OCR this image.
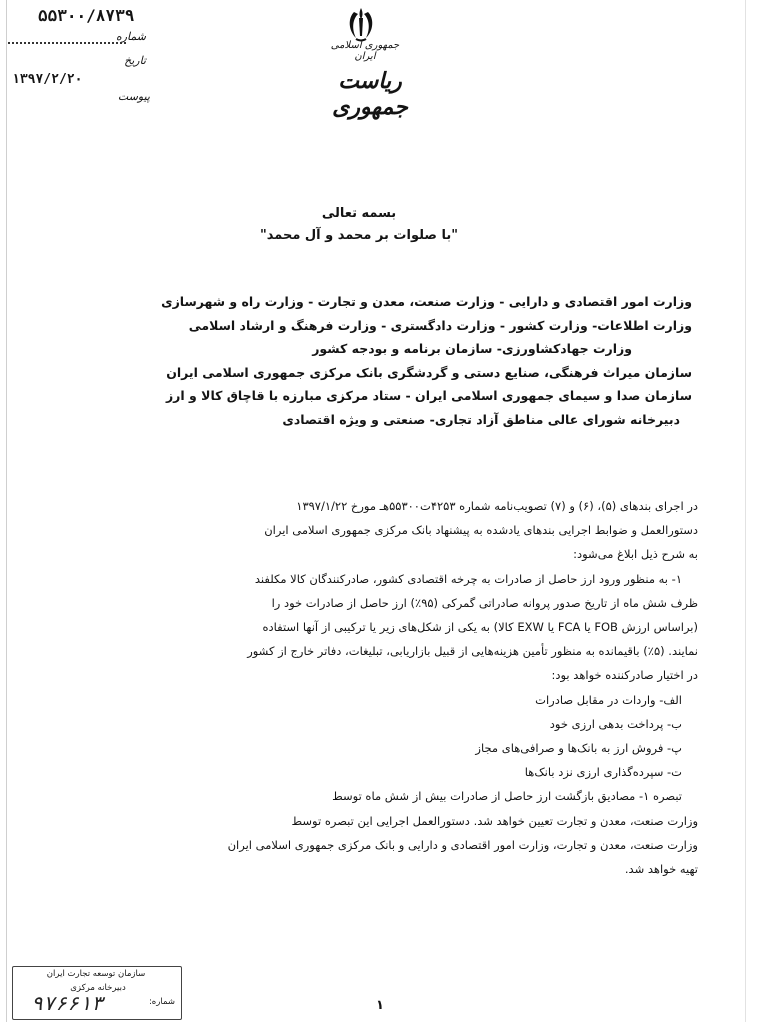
۵۵۳۰۰/۸۷۳۹
شماره
تاریخ
۱۳۹۷/۲/۲۰
پیوست
جمهوری اسلامی ایران
ریاست جمهوری
بسمه تعالی
"با صلوات بر محمد و آل محمد"
وزارت امور اقتصادی و دارایی - وزارت صنعت، معدن و تجارت - وزارت راه و شهرسازی
وزارت اطلاعات- وزارت کشور - وزارت دادگستری - وزارت فرهنگ و ارشاد اسلامی
وزارت جهادکشاورزی- سازمان برنامه و بودجه کشور
سازمان میراث فرهنگی، صنایع دستی و گردشگری بانک مرکزی جمهوری اسلامی ایران
سازمان صدا و سیمای جمهوری اسلامی ایران - ستاد مرکزی مبارزه با قاچاق کالا و ارز
دبیرخانه شورای عالی مناطق آزاد تجاری- صنعتی و ویژه اقتصادی
در اجرای بندهای (۵)، (۶) و (۷) تصویب‌نامه شماره ۴۲۵۳ت۵۵۳۰۰هـ مورخ ۱۳۹۷/۱/۲۲
دستورالعمل و ضوابط اجرایی بندهای یادشده به پیشنهاد بانک مرکزی جمهوری اسلامی ایران
به شرح ذیل ابلاغ می‌شود:
۱- به منظور ورود ارز حاصل از صادرات به چرخه اقتصادی کشور، صادرکنندگان کالا مکلفند
ظرف شش ماه از تاریخ صدور پروانه صادراتی گمرکی (۹۵٪) ارز حاصل از صادرات خود را
(براساس ارزش FOB یا FCA یا EXW کالا) به یکی از شکل‌های زیر یا ترکیبی از آنها استفاده
نمایند. (۵٪) باقیمانده به منظور تأمین هزینه‌هایی از قبیل بازاریابی، تبلیغات، دفاتر خارج از کشور
در اختیار صادرکننده خواهد بود:
الف- واردات در مقابل صادرات
ب- پرداخت بدهی ارزی خود
پ- فروش ارز به بانک‌ها و صرافی‌های مجاز
ت- سپرده‌گذاری ارزی نزد بانک‌ها
تبصره ۱- مصادیق بازگشت ارز حاصل از صادرات بیش از شش ماه توسط
وزارت صنعت، معدن و تجارت تعیین خواهد شد. دستورالعمل اجرایی این تبصره توسط
وزارت صنعت، معدن و تجارت، وزارت امور اقتصادی و دارایی و بانک مرکزی جمهوری اسلامی ایران
تهیه خواهد شد.
سازمان توسعه تجارت ایران
دبیرخانه مرکزی
شماره:
۹۷۶۶۱۳	۱
